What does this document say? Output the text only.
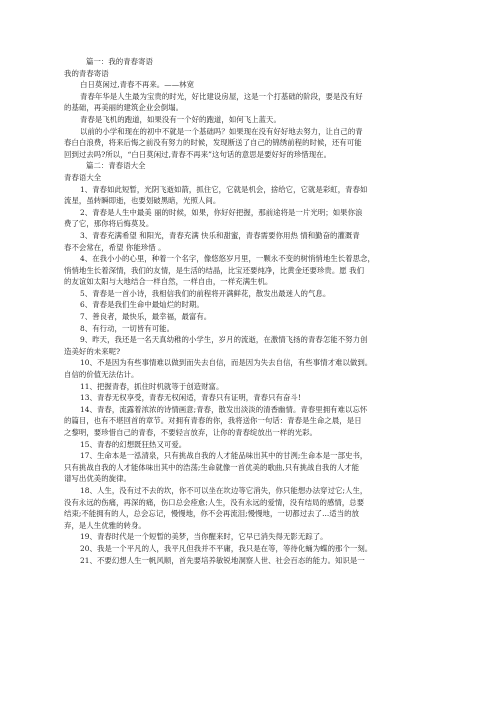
篇一：我的青春寄语
我的青春寄语
白日莫闲过,青春不再来。——林宽
青春年华是人生最为宝贵的时光，好比建设房屋，这是一个打基础的阶段，要是没有好
的基础，再美丽的建筑企业会倒塌。
青春是飞机的跑道，如果没有一个好的跑道，如何飞上蓝天。
以前的小学和现在的初中不就是一个基础吗？如果现在没有好好地去努力，让自己的青
春白白浪费，将来后悔之前没有努力的时候，发现断送了自己的锦绣前程的时候，还有可能
回到过去吗?所以，“白日莫闲过,青春不再来”这句话的意思是要好好的珍惜现在。
篇二：青春语大全
青春语大全
1、青春如此短暂，光阴飞逝如箭，抓住它，它就是机会，捨给它，它就是彩虹，青春如
流星，虽转瞬即逝，也要划破黑暗，光照人间。
2、青春是人生中最美 丽的时候，如果，你好好把握，那前途将是一片光明；如果你浪
费了它，那你将后悔莫及。
3、青春充满希望 和阳光，青春充满 快乐和甜蜜，青春需要你用热 情和勤奋的灌溉青
春不会常在，希望 你能珍惜 。
4、在我小小的心里，种着一个名字，像悠悠岁月里，一颗永不变的树悄悄地生长着思念，
悄悄地生长着深情，我们的友情，是生活的结晶，比宝还要纯净，比黄金还要珍贵。愿 我们
的友谊如太阳与大地结合一样自然，一样自由，一样充满生机。
5、青春是一首小诗，我相信我们的前程将开满鲜花，散发出最迷人的气息。
6、青春是我们生命中最灿烂的时期。
7、善良者，最快乐，最幸福，最富有。
8、有行动，一切皆有可能。
9、昨天，我还是一名天真幼稚的小学生，岁月的流逝，在激情飞扬的青春怎能不努力创
造美好的未来呢?
10、不是因为有些事情难以做到而失去自信，而是因为失去自信，有些事情才难以做到。
自信的价值无法估计。
11、把握青春，抓住时机就等于创造财富。
13、青春无权享受，青春无权闲适，青春只有证明，青春只有奋斗!
14、青春，流露着浓浓的诗情画意;青春，散发出淡淡的清香幽情。青春里拥有难以忘怀
的篇目，也有不堪回首的章节。对拥有青春的你，我将送你一句话：青春是生命之晨，是日
之黎明，要珍惜自己的青春，不要轻言放弃，让你的青春绽放出一样的光彩。
15、青春的幻想既狂热又可爱。
17、生命本是一泓清泉，只有挑战自我的人才能品味出其中的甘洌;生命本是一部史书，
只有挑战自我的人才能体味出其中的浩荡;生命就像一首优美的歌曲,只有挑战自我的人才能
谱写出优美的旋律。
18、人生，没有过不去的坎，你不可以坐在坎边等它消失，你只能想办法穿过它;人生，
没有永远的伤痛，再深的痛，伤口总会痊愈;人生，没有永远的爱情，没有结局的感情，总要
结束;不能拥有的人，总会忘记，慢慢地，你不会再流泪;慢慢地，一切都过去了...适当的放
弃，是人生优雅的转身。
19、青春时代是一个短暂的美梦，当你醒来时，它早已消失得无影无踪了。
20、我是一个平凡的人，我平凡但我并不平庸，我只是在等，等待化蛹为蝶的那个一刻。
21、不要幻想人生一帆风顺，首先要培养敏锐地洞察人世、社会百态的能力。知识是一
